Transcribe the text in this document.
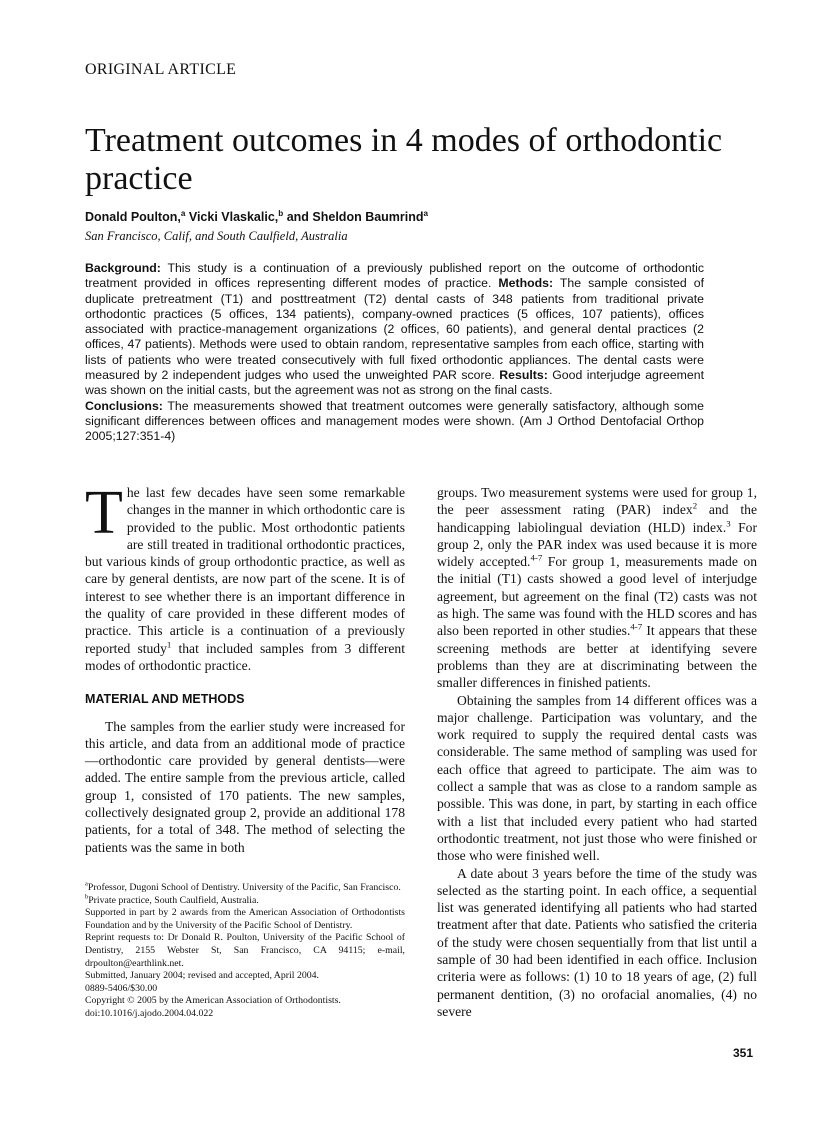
ORIGINAL ARTICLE
Treatment outcomes in 4 modes of orthodontic practice
Donald Poulton,$^a$ Vicki Vlaskalic,$^b$ and Sheldon Baumrind$^a$
San Francisco, Calif, and South Caulfield, Australia
Background: This study is a continuation of a previously published report on the outcome of orthodontic treatment provided in offices representing different modes of practice. Methods: The sample consisted of duplicate pretreatment (T1) and posttreatment (T2) dental casts of 348 patients from traditional private orthodontic practices (5 offices, 134 patients), company-owned practices (5 offices, 107 patients), offices associated with practice-management organizations (2 offices, 60 patients), and general dental practices (2 offices, 47 patients). Methods were used to obtain random, representative samples from each office, starting with lists of patients who were treated consecutively with full fixed orthodontic appliances. The dental casts were measured by 2 independent judges who used the unweighted PAR score. Results: Good interjudge agreement was shown on the initial casts, but the agreement was not as strong on the final casts.
Conclusions: The measurements showed that treatment outcomes were generally satisfactory, although some significant differences between offices and management modes were shown. (Am J Orthod Dentofacial Orthop 2005;127:351-4)

The last few decades have seen some remarkable changes in the manner in which orthodontic care is provided to the public. Most orthodontic patients are still treated in traditional orthodontic practices, but various kinds of group orthodontic practice, as well as care by general dentists, are now part of the scene. It is of interest to see whether there is an important difference in the quality of care provided in these different modes of practice. This article is a continuation of a previously reported study$^1$ that included samples from 3 different modes of orthodontic practice.

MATERIAL AND METHODS

The samples from the earlier study were increased for this article, and data from an additional mode of practice—orthodontic care provided by general dentists—were added. The entire sample from the previous article, called group 1, consisted of 170 patients. The new samples, collectively designated group 2, provide an additional 178 patients, for a total of 348. The method of selecting the patients was the same in both

groups. Two measurement systems were used for group 1, the peer assessment rating (PAR) index$^2$ and the handicapping labiolingual deviation (HLD) index.$^3$ For group 2, only the PAR index was used because it is more widely accepted.$^{4-7}$ For group 1, measurements made on the initial (T1) casts showed a good level of interjudge agreement, but agreement on the final (T2) casts was not as high. The same was found with the HLD scores and has also been reported in other studies.$^{4-7}$ It appears that these screening methods are better at identifying severe problems than they are at discriminating between the smaller differences in finished patients.

Obtaining the samples from 14 different offices was a major challenge. Participation was voluntary, and the work required to supply the required dental casts was considerable. The same method of sampling was used for each office that agreed to participate. The aim was to collect a sample that was as close to a random sample as possible. This was done, in part, by starting in each office with a list that included every patient who had started orthodontic treatment, not just those who were finished or those who were finished well.

A date about 3 years before the time of the study was selected as the starting point. In each office, a sequential list was generated identifying all patients who had started treatment after that date. Patients who satisfied the criteria of the study were chosen sequentially from that list until a sample of 30 had been identified in each office. Inclusion criteria were as follows: (1) 10 to 18 years of age, (2) full permanent dentition, (3) no orofacial anomalies, (4) no severe

$^a$Professor, Dugoni School of Dentistry. University of the Pacific, San Francisco.
$^b$Private practice, South Caulfield, Australia.
Supported in part by 2 awards from the American Association of Orthodontists Foundation and by the University of the Pacific School of Dentistry.
Reprint requests to: Dr Donald R. Poulton, University of the Pacific School of Dentistry, 2155 Webster St, San Francisco, CA 94115; e-mail, drpoulton@earthlink.net.
Submitted, January 2004; revised and accepted, April 2004.
0889-5406/$30.00
Copyright © 2005 by the American Association of Orthodontists.
doi:10.1016/j.ajodo.2004.04.022
351
